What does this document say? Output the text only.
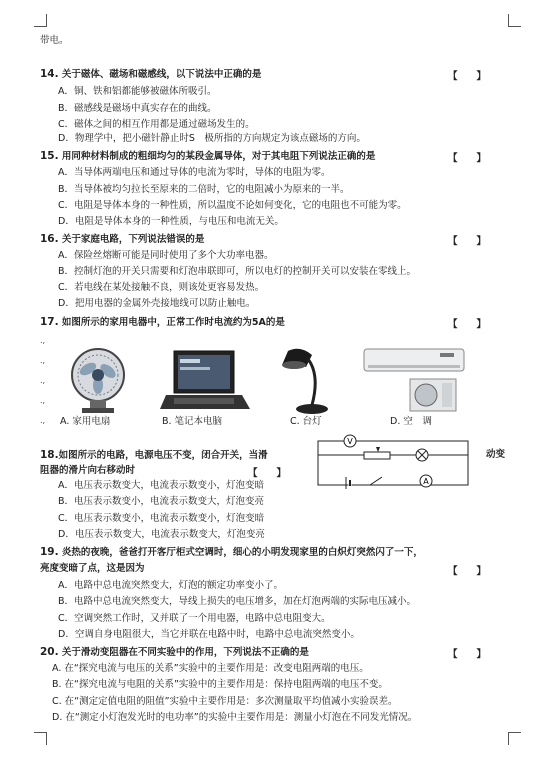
带电。
14. 关于磁体、磁场和磁感线，以下说法中正确的是	【　　】
A．铜、铁和铝都能够被磁体所吸引。
B．磁感线是磁场中真实存在的曲线。
C．磁体之间的相互作用都是通过磁场发生的。
D．物理学中，把小磁针静止时S　极所指的方向规定为该点磁场的方向。
15. 用同种材料制成的粗细均匀的某段金属导体，对于其电阻下列说法正确的是	【　　】
A．当导体两端电压和通过导体的电流为零时，导体的电阻为零。
B．当导体被均匀拉长至原来的二倍时，它的电阻减小为原来的一半。
C．电阻是导体本身的一种性质，所以温度不论如何变化，它的电阻也不可能为零。
D．电阻是导体本身的一种性质，与电压和电流无关。
16. 关于家庭电路，下列说法错误的是	【　　】
A．保险丝熔断可能是同时使用了多个大功率电器。
B．控制灯泡的开关只需要和灯泡串联即可，所以电灯的控制开关可以安装在零线上。
C．若电线在某处接触不良，则该处更容易发热。
D．把用电器的金属外壳接地线可以防止触电。
17. 如图所示的家用电器中，正常工作时电流约为5A的是	【　　】
.,
.,
.,
.,
., A. 家用电扇	B. 笔记本电脑	C. 台灯	D. 空　调
18.如图所示的电路，电源电压不变，闭合开关，当滑	动变
阻器的滑片向右移动时	【　　】
V
A
A．电压表示数变大，电流表示数变小，灯泡变暗
B．电压表示数变小，电流表示数变大，灯泡变亮
C．电压表示数变小，电流表示数变小，灯泡变暗
D．电压表示数变大，电流表示数变大，灯泡变亮
19. 炎热的夜晚，爸爸打开客厅柜式空调时，细心的小明发现家里的白炽灯突然闪了一下，
亮度变暗了点，这是因为	【　　】
A．电路中总电流突然变大，灯泡的额定功率变小了。
B．电路中总电流突然变大，导线上损失的电压增多，加在灯泡两端的实际电压减小。
C．空调突然工作时，又并联了一个用电器，电路中总电阻变大。
D．空调自身电阻很大，当它并联在电路中时，电路中总电流突然变小。
20. 关于滑动变阻器在不同实验中的作用，下列说法不正确的是	【　　】
A. 在“探究电流与电压的关系”实验中的主要作用是：改变电阻两端的电压。
B. 在“探究电流与电阻的关系”实验中的主要作用是：保持电阻两端的电压不变。
C. 在“测定定值电阻的阻值”实验中主要作用是：多次测量取平均值减小实验误差。
D. 在“测定小灯泡发光时的电功率”的实验中主要作用是：测量小灯泡在不同发光情况。
